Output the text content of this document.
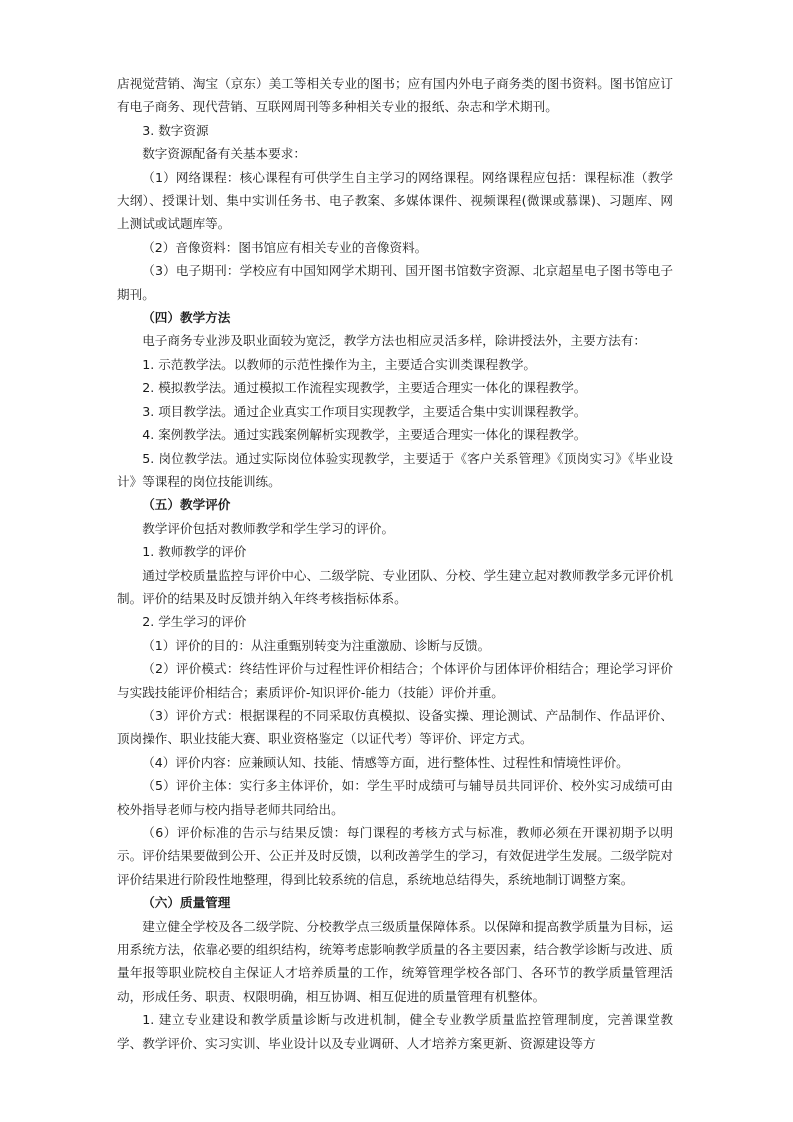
店视觉营销、淘宝（京东）美工等相关专业的图书；应有国内外电子商务类的图书资料。图书馆应订有电子商务、现代营销、互联网周刊等多种相关专业的报纸、杂志和学术期刊。

3. 数字资源

数字资源配备有关基本要求：

（1）网络课程：核心课程有可供学生自主学习的网络课程。网络课程应包括：课程标准（教学大纲）、授课计划、集中实训任务书、电子教案、多媒体课件、视频课程(微课或慕课)、习题库、网上测试或试题库等。

（2）音像资料：图书馆应有相关专业的音像资料。

（3）电子期刊：学校应有中国知网学术期刊、国开图书馆数字资源、北京超星电子图书等电子期刊。

（四）教学方法

电子商务专业涉及职业面较为宽泛，教学方法也相应灵活多样，除讲授法外，主要方法有：

1. 示范教学法。以教师的示范性操作为主，主要适合实训类课程教学。

2. 模拟教学法。通过模拟工作流程实现教学，主要适合理实一体化的课程教学。

3. 项目教学法。通过企业真实工作项目实现教学，主要适合集中实训课程教学。

4. 案例教学法。通过实践案例解析实现教学，主要适合理实一体化的课程教学。

5. 岗位教学法。通过实际岗位体验实现教学，主要适于《客户关系管理》《顶岗实习》《毕业设计》等课程的岗位技能训练。

（五）教学评价

教学评价包括对教师教学和学生学习的评价。

1. 教师教学的评价

通过学校质量监控与评价中心、二级学院、专业团队、分校、学生建立起对教师教学多元评价机制。评价的结果及时反馈并纳入年终考核指标体系。

2. 学生学习的评价

（1）评价的目的：从注重甄别转变为注重激励、诊断与反馈。

（2）评价模式：终结性评价与过程性评价相结合；个体评价与团体评价相结合；理论学习评价与实践技能评价相结合；素质评价-知识评价-能力（技能）评价并重。

（3）评价方式：根据课程的不同采取仿真模拟、设备实操、理论测试、产品制作、作品评价、顶岗操作、职业技能大赛、职业资格鉴定（以证代考）等评价、评定方式。

（4）评价内容：应兼顾认知、技能、情感等方面，进行整体性、过程性和情境性评价。

（5）评价主体：实行多主体评价，如：学生平时成绩可与辅导员共同评价、校外实习成绩可由校外指导老师与校内指导老师共同给出。

（6）评价标准的告示与结果反馈：每门课程的考核方式与标准，教师必须在开课初期予以明示。评价结果要做到公开、公正并及时反馈，以利改善学生的学习，有效促进学生发展。二级学院对评价结果进行阶段性地整理，得到比较系统的信息，系统地总结得失，系统地制订调整方案。

（六）质量管理

建立健全学校及各二级学院、分校教学点三级质量保障体系。以保障和提高教学质量为目标，运用系统方法，依靠必要的组织结构，统筹考虑影响教学质量的各主要因素，结合教学诊断与改进、质量年报等职业院校自主保证人才培养质量的工作，统筹管理学校各部门、各环节的教学质量管理活动，形成任务、职责、权限明确，相互协调、相互促进的质量管理有机整体。

1. 建立专业建设和教学质量诊断与改进机制，健全专业教学质量监控管理制度，完善课堂教学、教学评价、实习实训、毕业设计以及专业调研、人才培养方案更新、资源建设等方
